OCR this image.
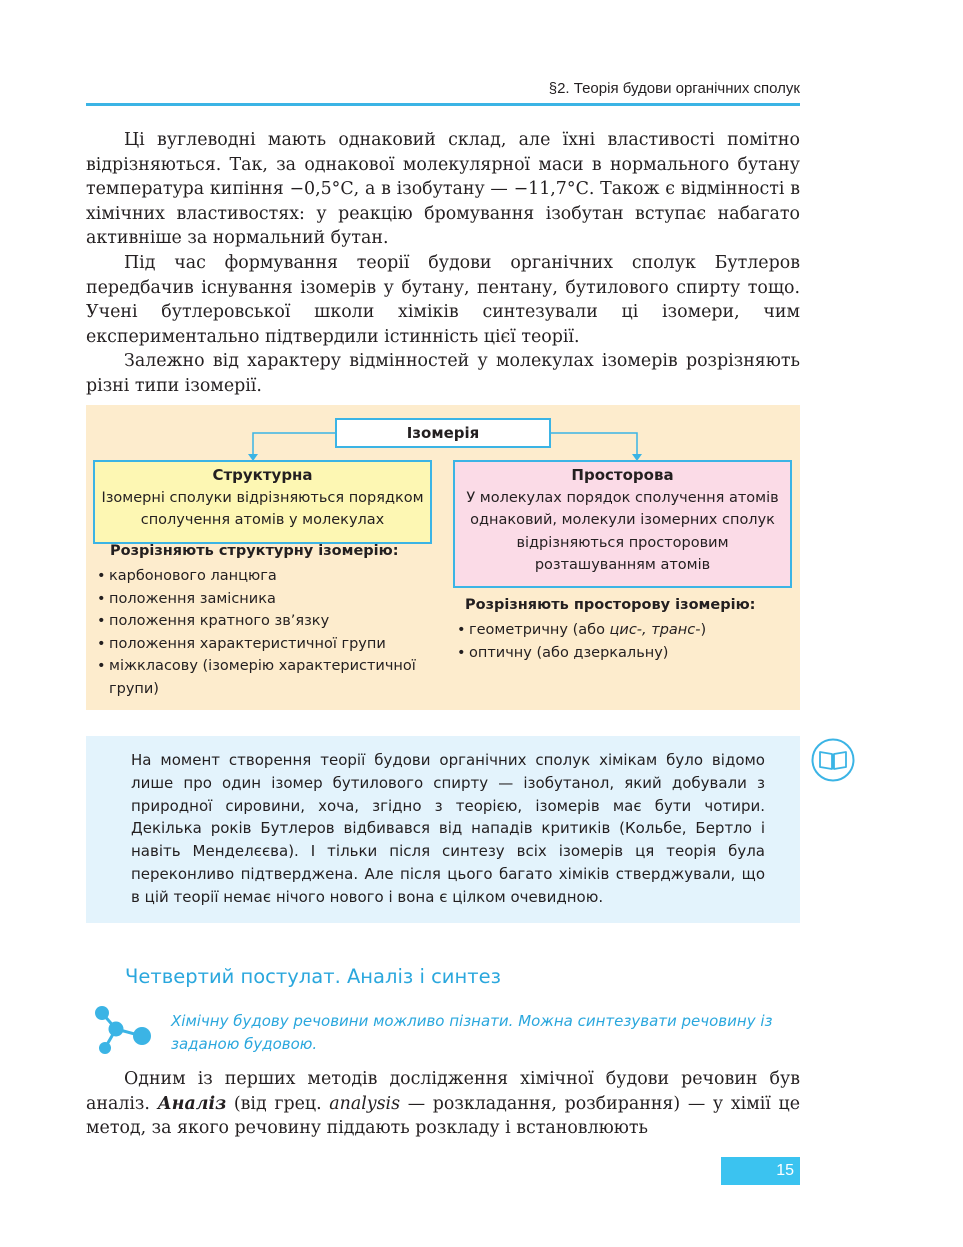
§2. Теорія будови органічних сполук

Ці вуглеводні мають однаковий склад, але їхні властивості помітно відрізняються. Так, за однакової молекулярної маси в нормального бутану температура кипіння −0,5°С, а в ізобутану — −11,7°С. Також є відмінності в хімічних властивостях: у реакцію бромування ізобутан вступає набагато активніше за нормальний бутан.

Під час формування теорії будови органічних сполук Бутлеров передбачив існування ізомерів у бутану, пентану, бутилового спирту тощо. Учені бутлеровської школи хіміків синтезували ці ізомери, чим експериментально підтвердили істинність цієї теорії.

Залежно від характеру відмінностей у молекулах ізомерів розрізняють різні типи ізомерії.

Ізомерія
Структурна
Ізомерні сполуки відрізняються порядком сполучення атомів у молекулах
Розрізняють структурну ізомерію:
• карбонового ланцюга
• положення замісника
• положення кратного зв’язку
• положення характеристичної групи
• міжкласову (ізомерію характеристичної групи)
Просторова
У молекулах порядок сполучення атомів однаковий, молекули ізомерних сполук відрізняються просторовим розташуванням атомів
Розрізняють просторову ізомерію:
• геометричну (або цис-, транс-)
• оптичну (або дзеркальну)

На момент створення теорії будови органічних сполук хімікам було відомо лише про один ізомер бутилового спирту — ізобутанол, який добували з природної сировини, хоча, згідно з теорією, ізомерів має бути чотири. Декілька років Бутлеров відбивався від нападів критиків (Кольбе, Бертло і навіть Менделєєва). І тільки після синтезу всіх ізомерів ця теорія була переконливо підтверджена. Але після цього багато хіміків стверджували, що в цій теорії немає нічого нового і вона є цілком очевидною.

Четвертий постулат. Аналіз і синтез

Хімічну будову речовини можливо пізнати. Можна синтезувати речовину із заданою будовою.

Одним із перших методів дослідження хімічної будови речовин був аналіз. Аналіз (від грец. analysis — розкладання, розбирання) — у хімії це метод, за якого речовину піддають розкладу і встановлюють

15
